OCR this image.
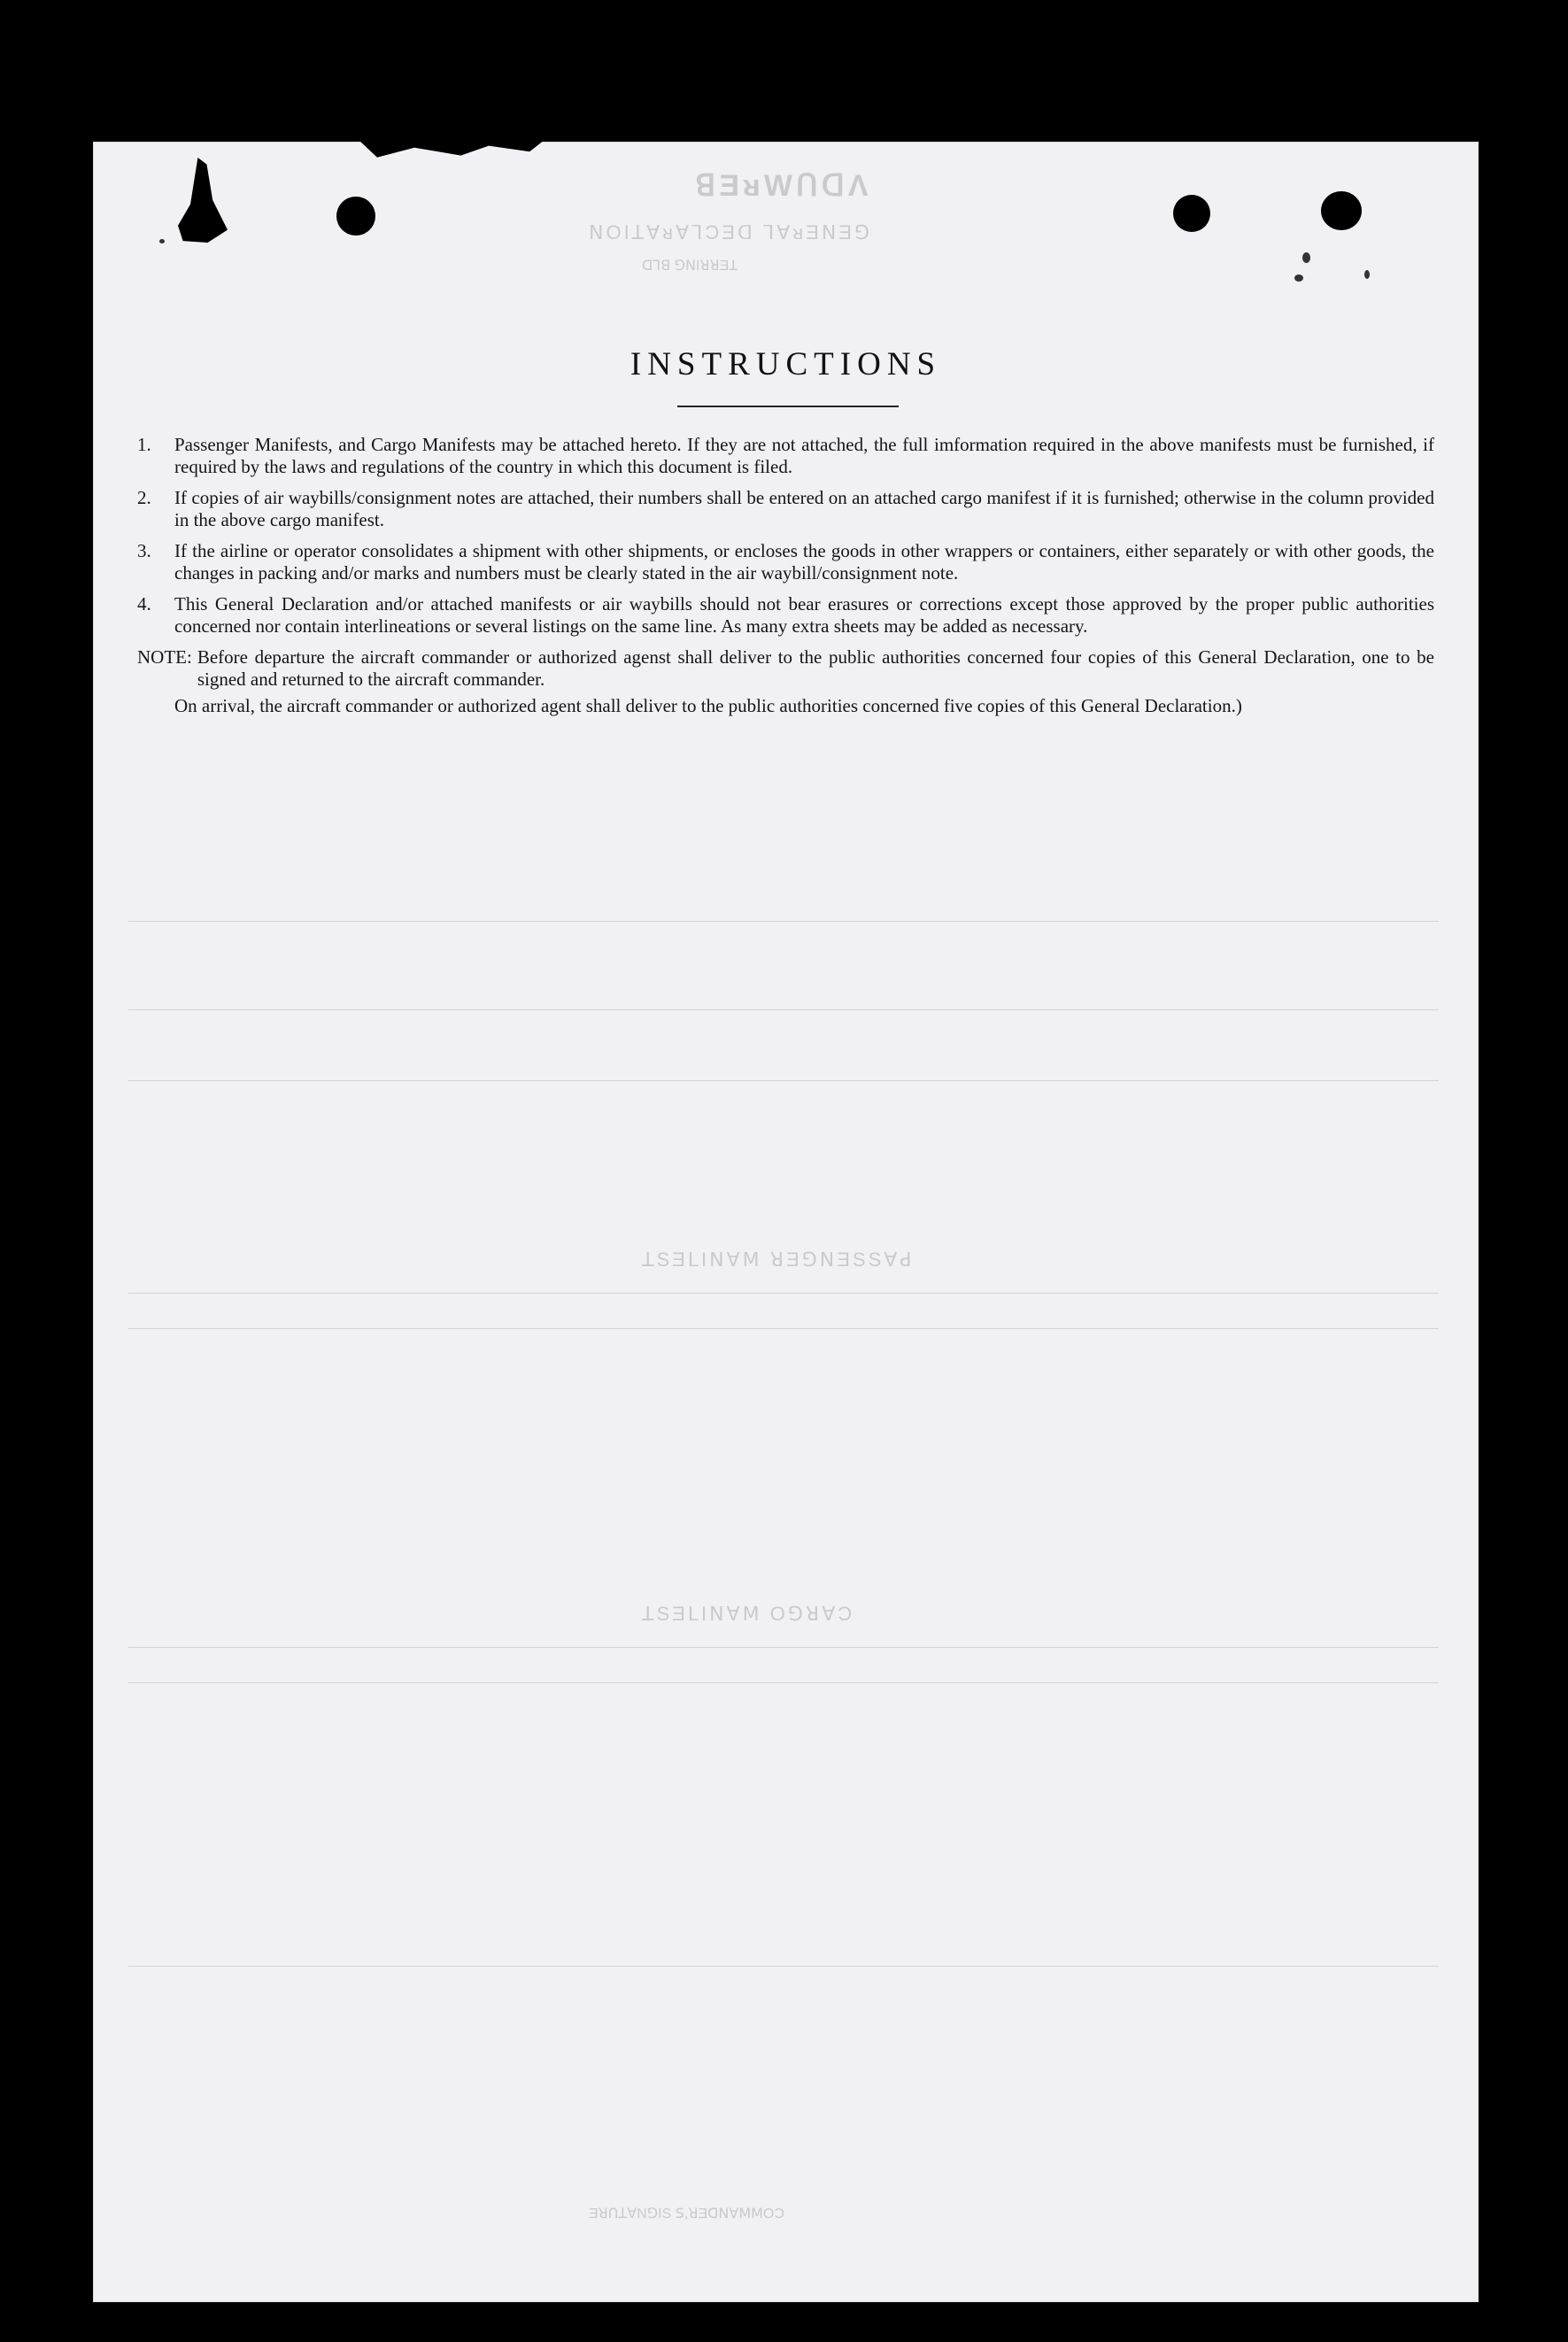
ꓭƎᴚWꓵꓷɅ
ꓠOIꓕⱯᴚⱯꓶƆƎꓷ ꓶⱯᴚƎꓠƎꓨ
ꓷꓶꓭ ꓨꓠIꓤꓤƎꓕ
ꓕSƎꓡIꓠⱯꓟ ꓤƎꓨꓠƎSSⱯꓒ
ꓕSƎꓡIꓠⱯꓟ OꓨꓤⱯƆ
ƎꓤꓵꓕⱯNꓨIS ꓢ,ꓤƎꓷꓠⱯꓟꓟOƆ
INSTRUCTIONS
1.	Passenger Manifests, and Cargo Manifests may be attached hereto. If they are not attached, the full imformation required in the above manifests must be furnished, if required by the laws and regulations of the country in which this document is filed.
2.	If copies of air waybills/consignment notes are attached, their numbers shall be entered on an attached cargo manifest if it is furnished; otherwise in the column provided in the above cargo manifest.
3.	If the airline or operator consolidates a shipment with other shipments, or encloses the goods in other wrappers or containers, either separately or with other goods, the changes in packing and/or marks and numbers must be clearly stated in the air waybill/consignment note.
4.	This General Declaration and/or attached manifests or air waybills should not bear erasures or corrections except those approved by the proper public authorities concerned nor contain interlineations or several listings on the same line. As many extra sheets may be added as necessary.
NOTE: Before departure the aircraft commander or authorized agenst shall deliver to the public authorities concerned four copies of this General Declaration, one to be signed and returned to the aircraft commander.
On arrival, the aircraft commander or authorized agent shall deliver to the public authorities concerned five copies of this General Declaration.)
